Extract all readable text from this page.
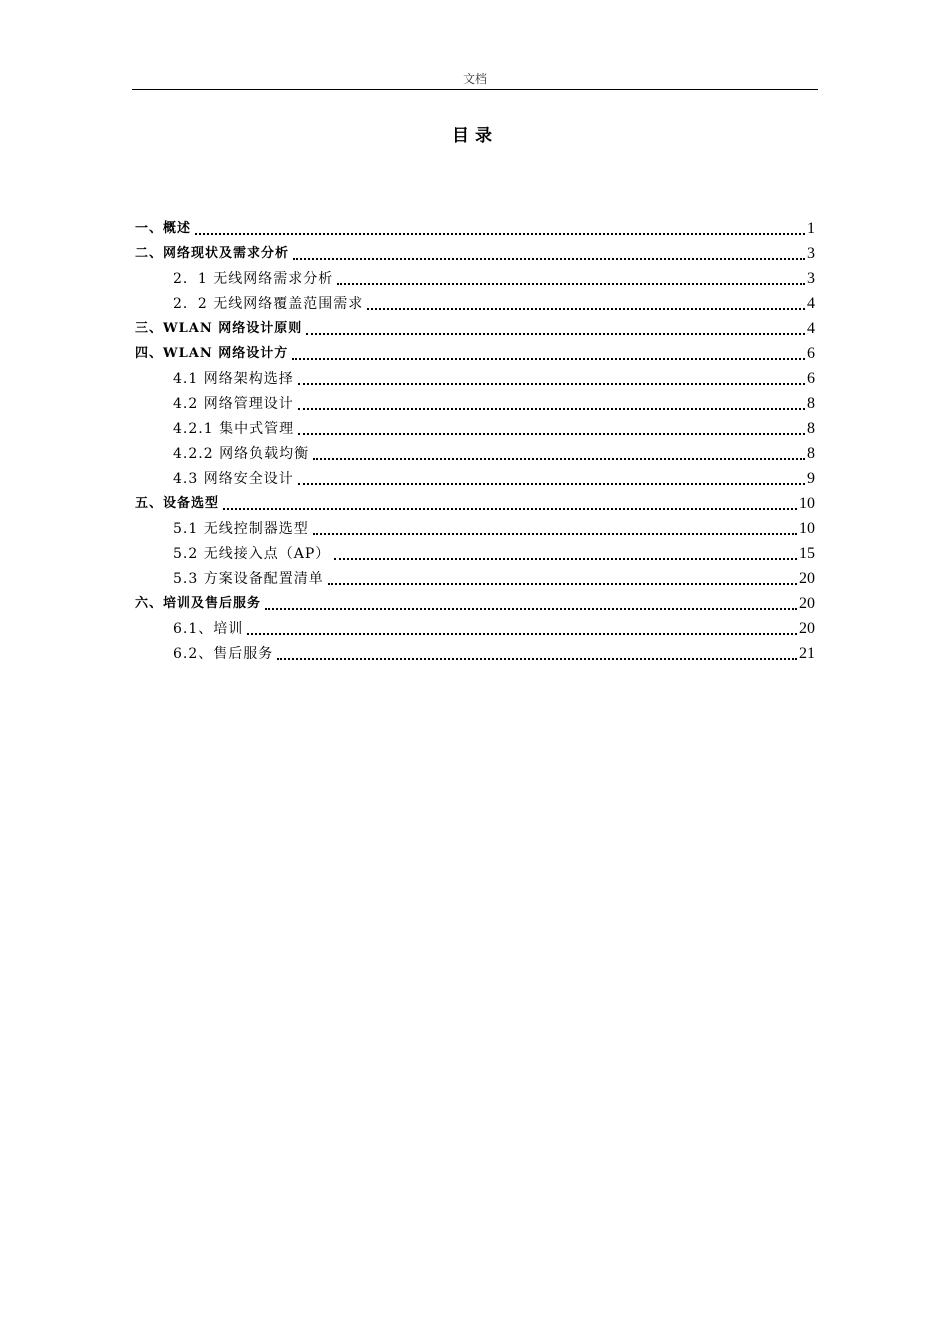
文档
目录
一、概述	1
二、网络现状及需求分析	3
2．1 无线网络需求分析	3
2．2 无线网络覆盖范围需求	4
三、WLAN 网络设计原则	4
四、WLAN 网络设计方	6
4.1 网络架构选择	6
4.2 网络管理设计	8
4.2.1 集中式管理	8
4.2.2 网络负载均衡	8
4.3 网络安全设计	9
五、设备选型	10
5.1 无线控制器选型	10
5.2 无线接入点（AP）	15
5.3 方案设备配置清单	20
六、培训及售后服务	20
6.1、培训	20
6.2、售后服务	21
